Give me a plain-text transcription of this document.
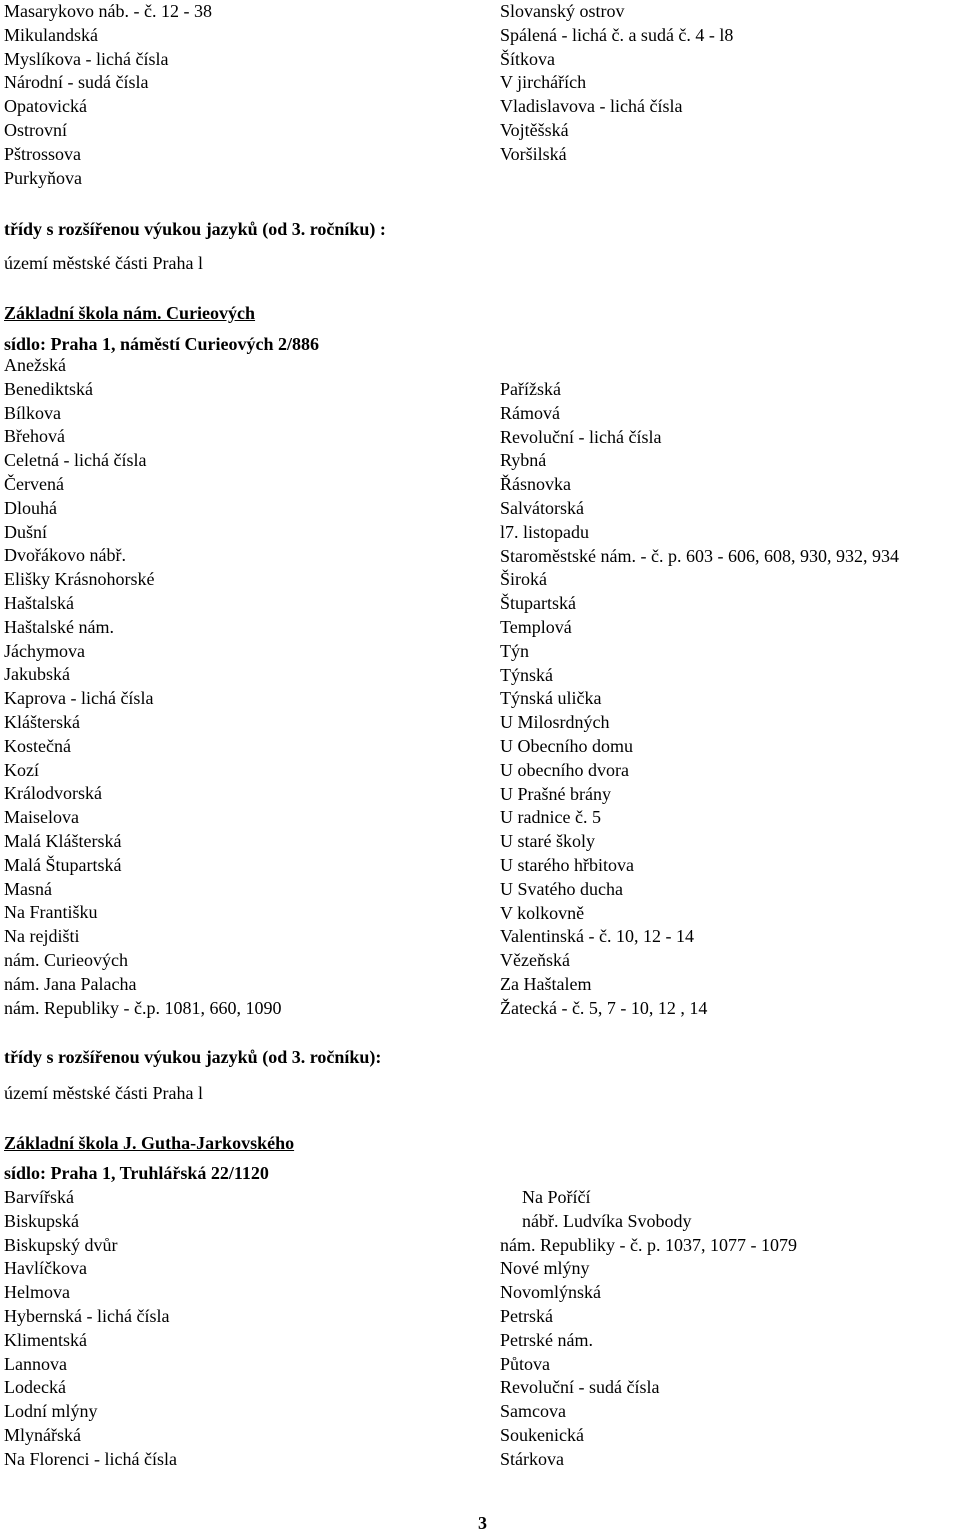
Masarykovo náb. - č. 12 - 38
Mikulandská
Myslíkova - lichá čísla
Národní - sudá čísla
Opatovická
Ostrovní
Pštrossova
Purkyňova
Slovanský ostrov
Spálená - lichá č. a sudá č. 4 - l8
Šítkova
V jirchářích
Vladislavova - lichá čísla
Vojtěšská
Voršilská
třídy s rozšířenou výukou jazyků (od 3. ročníku) :
území městské části Praha l
Základní škola nám. Curieových
sídlo: Praha 1, náměstí Curieových 2/886
Anežská
Benediktská
Bílkova
Břehová
Celetná - lichá čísla
Červená
Dlouhá
Dušní
Dvořákovo nábř.
Elišky Krásnohorské
Haštalská
Haštalské nám.
Jáchymova
Jakubská
Kaprova - lichá čísla
Klášterská
Kostečná
Kozí
Králodvorská
Maiselova
Malá Klášterská
Malá Štupartská
Masná
Na Františku
Na rejdišti
nám. Curieových
nám. Jana Palacha
nám. Republiky - č.p. 1081, 660, 1090
Pařížská
Rámová
Revoluční - lichá čísla
Rybná
Řásnovka
Salvátorská
l7. listopadu
Staroměstské nám. - č. p. 603 - 606, 608, 930, 932, 934
Široká
Štupartská
Templová
Týn
Týnská
Týnská ulička
U Milosrdných
U Obecního domu
U obecního dvora
U Prašné brány
U radnice č. 5
U staré školy
U starého hřbitova
U Svatého ducha
V kolkovně
Valentinská - č. 10, 12 - 14
Vězeňská
Za Haštalem
Žatecká - č. 5, 7 - 10, 12 , 14
třídy s rozšířenou výukou jazyků (od 3. ročníku):
území městské části Praha l
Základní škola J. Gutha-Jarkovského
sídlo: Praha 1, Truhlářská 22/1120
Barvířská
Biskupská
Biskupský dvůr
Havlíčkova
Helmova
Hybernská - lichá čísla
Klimentská
Lannova
Lodecká
Lodní mlýny
Mlynářská
Na Florenci - lichá čísla
Na Poříčí
nábř. Ludvíka Svobody
nám. Republiky - č. p. 1037, 1077 - 1079
Nové mlýny
Novomlýnská
Petrská
Petrské nám.
Půtova
Revoluční - sudá čísla
Samcova
Soukenická
Stárkova
3
